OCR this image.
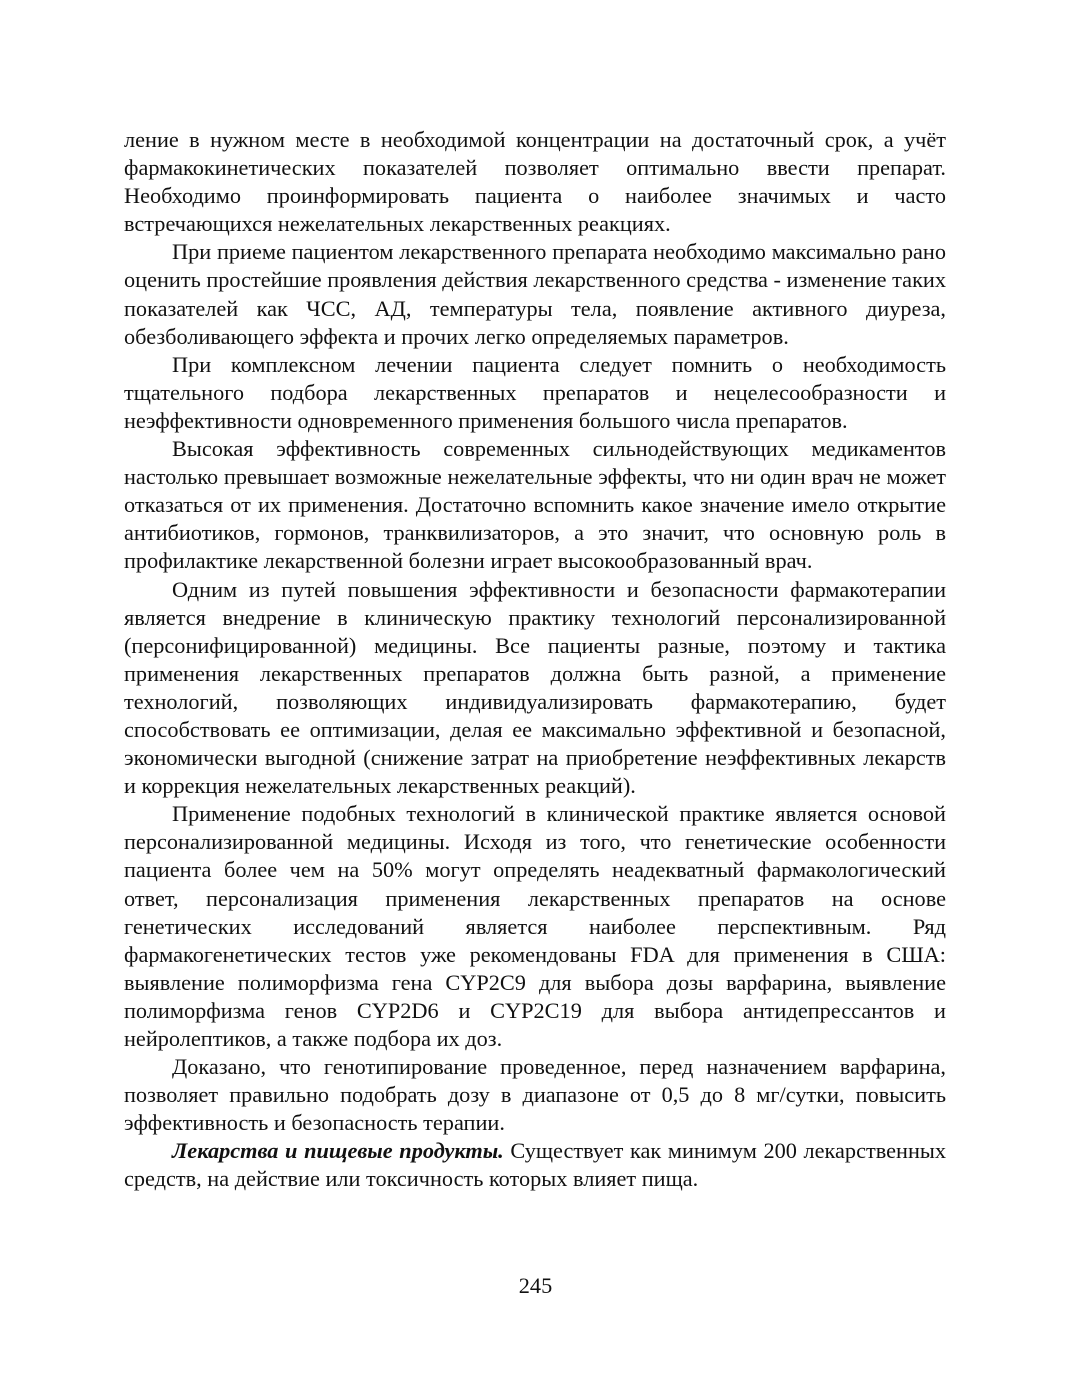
ление в нужном месте в необходимой концентрации на достаточный срок, а учёт фармакокинетических показателей позволяет оптимально ввести препарат. Необходимо проинформировать пациента о наиболее значимых и часто встречающихся нежелательных лекарственных реакциях.

При приеме пациентом лекарственного препарата необходимо максимально рано оценить простейшие проявления действия лекарственного средства - изменение таких показателей как ЧСС, АД, температуры тела, появление активного диуреза, обезболивающего эффекта и прочих легко определяемых параметров.

При комплексном лечении пациента следует помнить о необходимость тщательного подбора лекарственных препаратов и нецелесообразности и неэффективности одновременного применения большого числа препаратов.

Высокая эффективность современных сильнодействующих медикаментов настолько превышает возможные нежелательные эффекты, что ни один врач не может отказаться от их применения. Достаточно вспомнить какое значение имело открытие антибиотиков, гормонов, транквилизаторов, а это значит, что основную роль в профилактике лекарственной болезни играет высокообразованный врач.

Одним из путей повышения эффективности и безопасности фармакотерапии является внедрение в клиническую практику технологий персонализированной (персонифицированной) медицины. Все пациенты разные, поэтому и тактика применения лекарственных препаратов должна быть разной, а применение технологий, позволяющих индивидуализировать фармакотерапию, будет способствовать ее оптимизации, делая ее максимально эффективной и безопасной, экономически выгодной (снижение затрат на приобретение неэффективных лекарств и коррекция нежелательных лекарственных реакций).

Применение подобных технологий в клинической практике является основой персонализированной медицины. Исходя из того, что генетические особенности пациента более чем на 50% могут определять неадекватный фармакологический ответ, персонализация применения лекарственных препаратов на основе генетических исследований является наиболее перспективным. Ряд фармакогенетических тестов уже рекомендованы FDA для применения в США: выявление полиморфизма гена CYP2C9 для выбора дозы варфарина, выявление полиморфизма генов CYP2D6 и CYP2C19 для выбора антидепрессантов и нейролептиков, а также подбора их доз.

Доказано, что генотипирование проведенное, перед назначением варфарина, позволяет правильно подобрать дозу в диапазоне от 0,5 до 8 мг/сутки, повысить эффективность и безопасность терапии.

Лекарства и пищевые продукты. Существует как минимум 200 лекарственных средств, на действие или токсичность которых влияет пища.

245
